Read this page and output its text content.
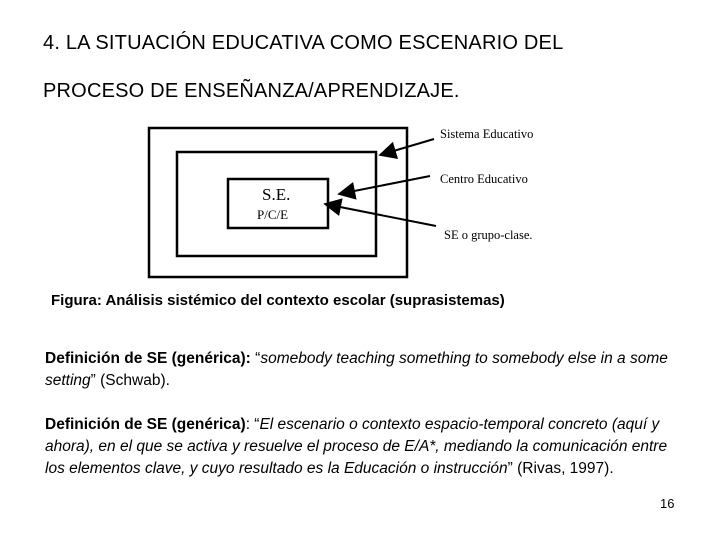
4. LA SITUACIÓN EDUCATIVA COMO ESCENARIO DEL
PROCESO DE ENSEÑANZA/APRENDIZAJE.
Sistema Educativo
Centro Educativo
SE o grupo-clase.
S.E.
P/C/E
Figura: Análisis sistémico del contexto escolar (suprasistemas)
Definición de SE (genérica): “somebody teaching something to somebody else in a some setting” (Schwab).
Definición de SE (genérica): “El escenario o contexto espacio-temporal concreto (aquí y ahora), en el que se activa y resuelve el proceso de E/A*, mediando la comunicación entre los elementos clave, y cuyo resultado es la Educación o instrucción” (Rivas, 1997).
16
